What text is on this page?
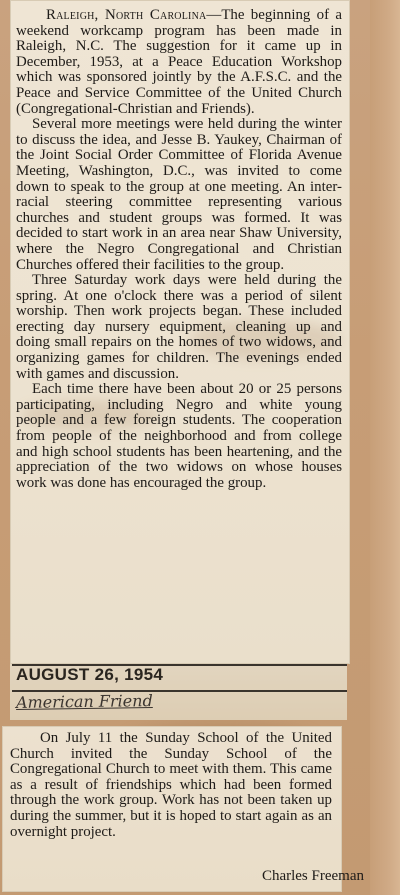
Raleigh, North Carolina—The beginning of a weekend workcamp program has been made in Raleigh, N.C. The suggestion for it came up in December, 1953, at a Peace Education Workshop which was sponsored jointly by the A.F.S.C. and the Peace and Service Committee of the United Church (Congregational-Christian and Friends).

Several more meetings were held during the winter to discuss the idea, and Jesse B. Yaukey, Chairman of the Joint Social Order Committee of Florida Avenue Meeting, Washington, D.C., was invited to come down to speak to the group at one meeting. An inter-racial steering committee representing various churches and student groups was formed. It was decided to start work in an area near Shaw University, where the Negro Congregational and Christian Churches offered their facilities to the group.

Three Saturday work days were held during the spring. At one o'clock there was a period of silent worship. Then work projects began. These included erecting day nursery equipment, cleaning up and doing small repairs on the homes of two widows, and organizing games for children. The evenings ended with games and discussion.

Each time there have been about 20 or 25 persons participating, including Negro and white young people and a few foreign students. The cooperation from people of the neighborhood and from college and high school students has been heartening, and the appreciation of the two widows on whose houses work was done has encouraged the group.

AUGUST 26, 1954
American Friend

On July 11 the Sunday School of the United Church invited the Sunday School of the Congregational Church to meet with them. This came as a result of friendships which had been formed through the work group. Work has not been taken up during the summer, but it is hoped to start again as an overnight project.

Charles Freeman
